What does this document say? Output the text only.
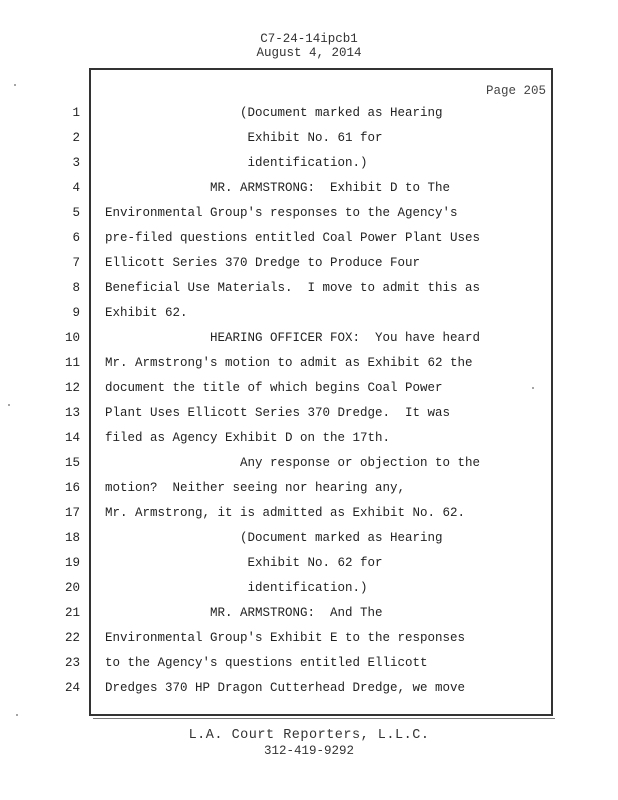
C7-24-14ipcb1
August 4, 2014
Page 205
1 (Document marked as Hearing
2 Exhibit No. 61 for
3 identification.)
4 MR. ARMSTRONG:  Exhibit D to The
5 Environmental Group's responses to the Agency's
6 pre-filed questions entitled Coal Power Plant Uses
7 Ellicott Series 370 Dredge to Produce Four
8 Beneficial Use Materials.  I move to admit this as
9 Exhibit 62.
10 HEARING OFFICER FOX:  You have heard
11 Mr. Armstrong's motion to admit as Exhibit 62 the
12 document the title of which begins Coal Power
13 Plant Uses Ellicott Series 370 Dredge.  It was
14 filed as Agency Exhibit D on the 17th.
15 Any response or objection to the
16 motion?  Neither seeing nor hearing any,
17 Mr. Armstrong, it is admitted as Exhibit No. 62.
18 (Document marked as Hearing
19 Exhibit No. 62 for
20 identification.)
21 MR. ARMSTRONG:  And The
22 Environmental Group's Exhibit E to the responses
23 to the Agency's questions entitled Ellicott
24 Dredges 370 HP Dragon Cutterhead Dredge, we move
L.A. Court Reporters, L.L.C.
312-419-9292
